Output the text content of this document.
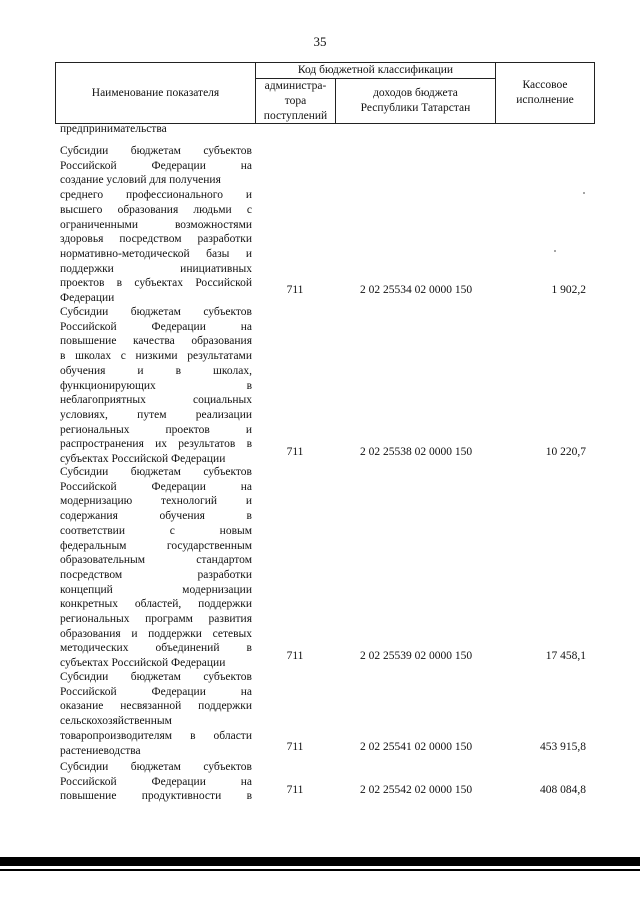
35
Наименование показателя
Код бюджетной классификации
администра-
тора
поступлений
доходов бюджета
Республики Татарстан
Кассовое
исполнение
предпринимательства
Субсидии бюджетам субъектов
Российской Федерации на
создание условий для получения
среднего профессионального и
высшего образования людьми с
ограниченными возможностями
здоровья посредством разработки
нормативно-методической базы и
поддержки инициативных
проектов в субъектах Российской
Федерации
711	2 02 25534 02 0000 150	1 902,2
Субсидии бюджетам субъектов
Российской Федерации на
повышение качества образования
в школах с низкими результатами
обучения и в школах,
функционирующих в
неблагоприятных социальных
условиях, путем реализации
региональных проектов и
распространения их результатов в
субъектах Российской Федерации
711	2 02 25538 02 0000 150	10 220,7
Субсидии бюджетам субъектов
Российской Федерации на
модернизацию технологий и
содержания обучения в
соответствии с новым
федеральным государственным
образовательным стандартом
посредством разработки
концепций модернизации
конкретных областей, поддержки
региональных программ развития
образования и поддержки сетевых
методических объединений в
субъектах Российской Федерации
711	2 02 25539 02 0000 150	17 458,1
Субсидии бюджетам субъектов
Российской Федерации на
оказание несвязанной поддержки
сельскохозяйственным
товаропроизводителям в области
растениеводства	711	2 02 25541 02 0000 150	453 915,8
Субсидии бюджетам субъектов
Российской Федерации на
повышение продуктивности в
711	2 02 25542 02 0000 150	408 084,8
